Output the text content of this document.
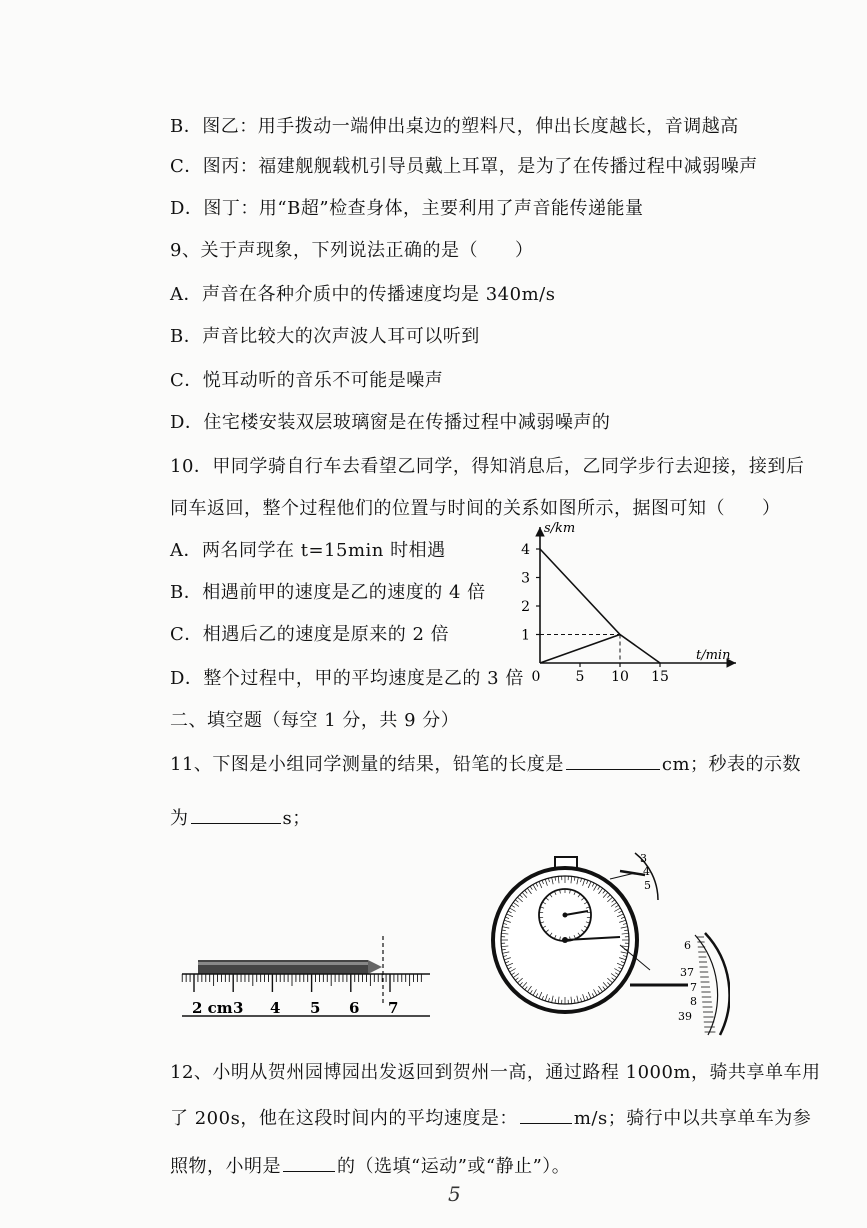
B．图乙：用手拨动一端伸出桌边的塑料尺，伸出长度越长，音调越高
C．图丙：福建舰舰载机引导员戴上耳罩，是为了在传播过程中减弱噪声
D．图丁：用“B超”检查身体，主要利用了声音能传递能量
9、关于声现象，下列说法正确的是（　　）
A．声音在各种介质中的传播速度均是 340m/s
B．声音比较大的次声波人耳可以听到
C．悦耳动听的音乐不可能是噪声
D．住宅楼安装双层玻璃窗是在传播过程中减弱噪声的
10．甲同学骑自行车去看望乙同学，得知消息后，乙同学步行去迎接，接到后
同车返回，整个过程他们的位置与时间的关系如图所示，据图可知（　　）
A．两名同学在 t=15min 时相遇
B．相遇前甲的速度是乙的速度的 4 倍
C．相遇后乙的速度是原来的 2 倍
D．整个过程中，甲的平均速度是乙的 3 倍
1
2
3
4
0	5 10 15
s/km
t/min
二、填空题（每空 1 分，共 9 分）
11、下图是小组同学测量的结果，铅笔的长度是	cm；秒表的示数
为	s；
2 cm 3 4 5 6 7
3
4
5
6
37
7
8
39
12、小明从贺州园博园出发返回到贺州一高，通过路程 1000m，骑共享单车用
了 200s，他在这段时间内的平均速度是：	m/s；骑行中以共享单车为参
照物，小明是	的（选填“运动”或“静止”）。
5
